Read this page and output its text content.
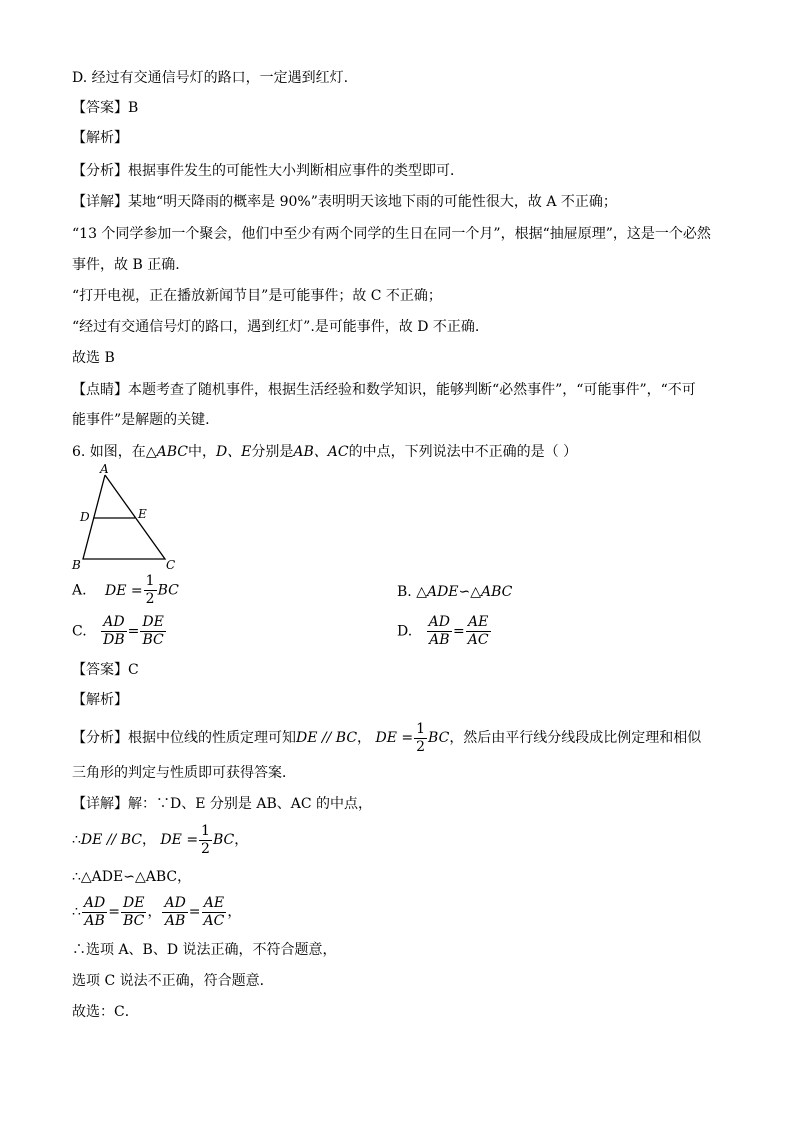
D. 经过有交通信号灯的路口，一定遇到红灯.
【答案】B
【解析】
【分析】根据事件发生的可能性大小判断相应事件的类型即可．
【详解】某地“明天降雨的概率是 90%”表明明天该地下雨的可能性很大，故 A 不正确；
“13 个同学参加一个聚会，他们中至少有两个同学的生日在同一个月”，根据“抽屉原理”，这是一个必然
事件，故 B 正确.
“打开电视，正在播放新闻节目”是可能事件；故 C 不正确；
“经过有交通信号灯的路口，遇到红灯”.是可能事件，故 D 不正确.
故选 B
【点睛】本题考查了随机事件，根据生活经验和数学知识，能够判断“必然事件”，“可能事件”，“不可
能事件”是解题的关键.
6. 如图，在△ABC中，D、E分别是AB、AC的中点，下列说法中不正确的是（ ）
A
D	E
B	C
A. DE = $\frac{1}{2}$ BC	B. △ADE∽△ABC
C. $\frac{AD}{DB} = \frac{DE}{BC}$	D. $\frac{AD}{AB} = \frac{AE}{AC}$
【答案】C
【解析】
【分析】根据中位线的性质定理可知DE // BC， DE = $\frac{1}{2}$ BC，然后由平行线分线段成比例定理和相似
三角形的判定与性质即可获得答案．
【详解】解：∵D、E 分别是 AB、AC 的中点，
∴DE // BC， DE = $\frac{1}{2}$ BC，
∴△ADE∽△ABC，
∴ $\frac{AD}{AB} = \frac{DE}{BC}$ ， $\frac{AD}{AB} = \frac{AE}{AC}$ ，
∴选项 A、B、D 说法正确，不符合题意，
选项 C 说法不正确，符合题意．
故选：C．
